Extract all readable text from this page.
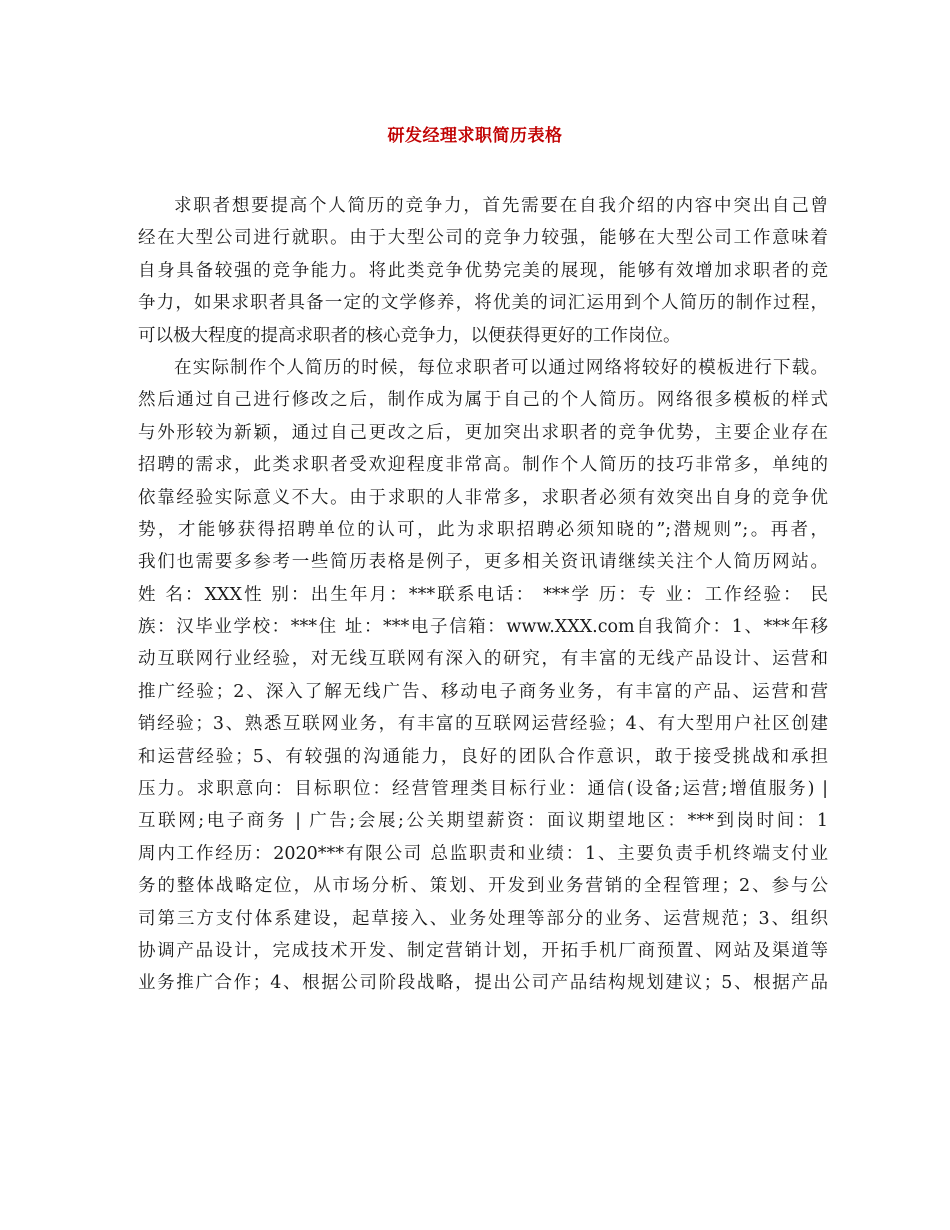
研发经理求职简历表格
求职者想要提高个人简历的竞争力，首先需要在自我介绍的内容中突出自己曾
经在大型公司进行就职。由于大型公司的竞争力较强，能够在大型公司工作意味着
自身具备较强的竞争能力。将此类竞争优势完美的展现，能够有效增加求职者的竞
争力，如果求职者具备一定的文学修养，将优美的词汇运用到个人简历的制作过程，
可以极大程度的提高求职者的核心竞争力，以便获得更好的工作岗位。
在实际制作个人简历的时候，每位求职者可以通过网络将较好的模板进行下载。
然后通过自己进行修改之后，制作成为属于自己的个人简历。网络很多模板的样式
与外形较为新颖，通过自己更改之后，更加突出求职者的竞争优势，主要企业存在
招聘的需求，此类求职者受欢迎程度非常高。制作个人简历的技巧非常多，单纯的
依靠经验实际意义不大。由于求职的人非常多，求职者必须有效突出自身的竞争优
势，才能够获得招聘单位的认可，此为求职招聘必须知晓的”;潜规则”;。再者，
我们也需要多参考一些简历表格是例子，更多相关资讯请继续关注个人简历网站。
姓 名：XXX性 别：出生年月：***联系电话： ***学 历：专 业：工作经验： 民
族：汉毕业学校：***住 址：***电子信箱：www.XXX.com自我简介：1、***年移
动互联网行业经验，对无线互联网有深入的研究，有丰富的无线产品设计、运营和
推广经验；2、深入了解无线广告、移动电子商务业务，有丰富的产品、运营和营
销经验；3、熟悉互联网业务，有丰富的互联网运营经验；4、有大型用户社区创建
和运营经验；5、有较强的沟通能力，良好的团队合作意识，敢于接受挑战和承担
压力。求职意向：目标职位：经营管理类目标行业：通信(设备;运营;增值服务) |
互联网;电子商务 | 广告;会展;公关期望薪资：面议期望地区：***到岗时间：1
周内工作经历：2020***有限公司 总监职责和业绩：1、主要负责手机终端支付业
务的整体战略定位，从市场分析、策划、开发到业务营销的全程管理；2、参与公
司第三方支付体系建设，起草接入、业务处理等部分的业务、运营规范；3、组织
协调产品设计，完成技术开发、制定营销计划，开拓手机厂商预置、网站及渠道等
业务推广合作；4、根据公司阶段战略，提出公司产品结构规划建议；5、根据产品
